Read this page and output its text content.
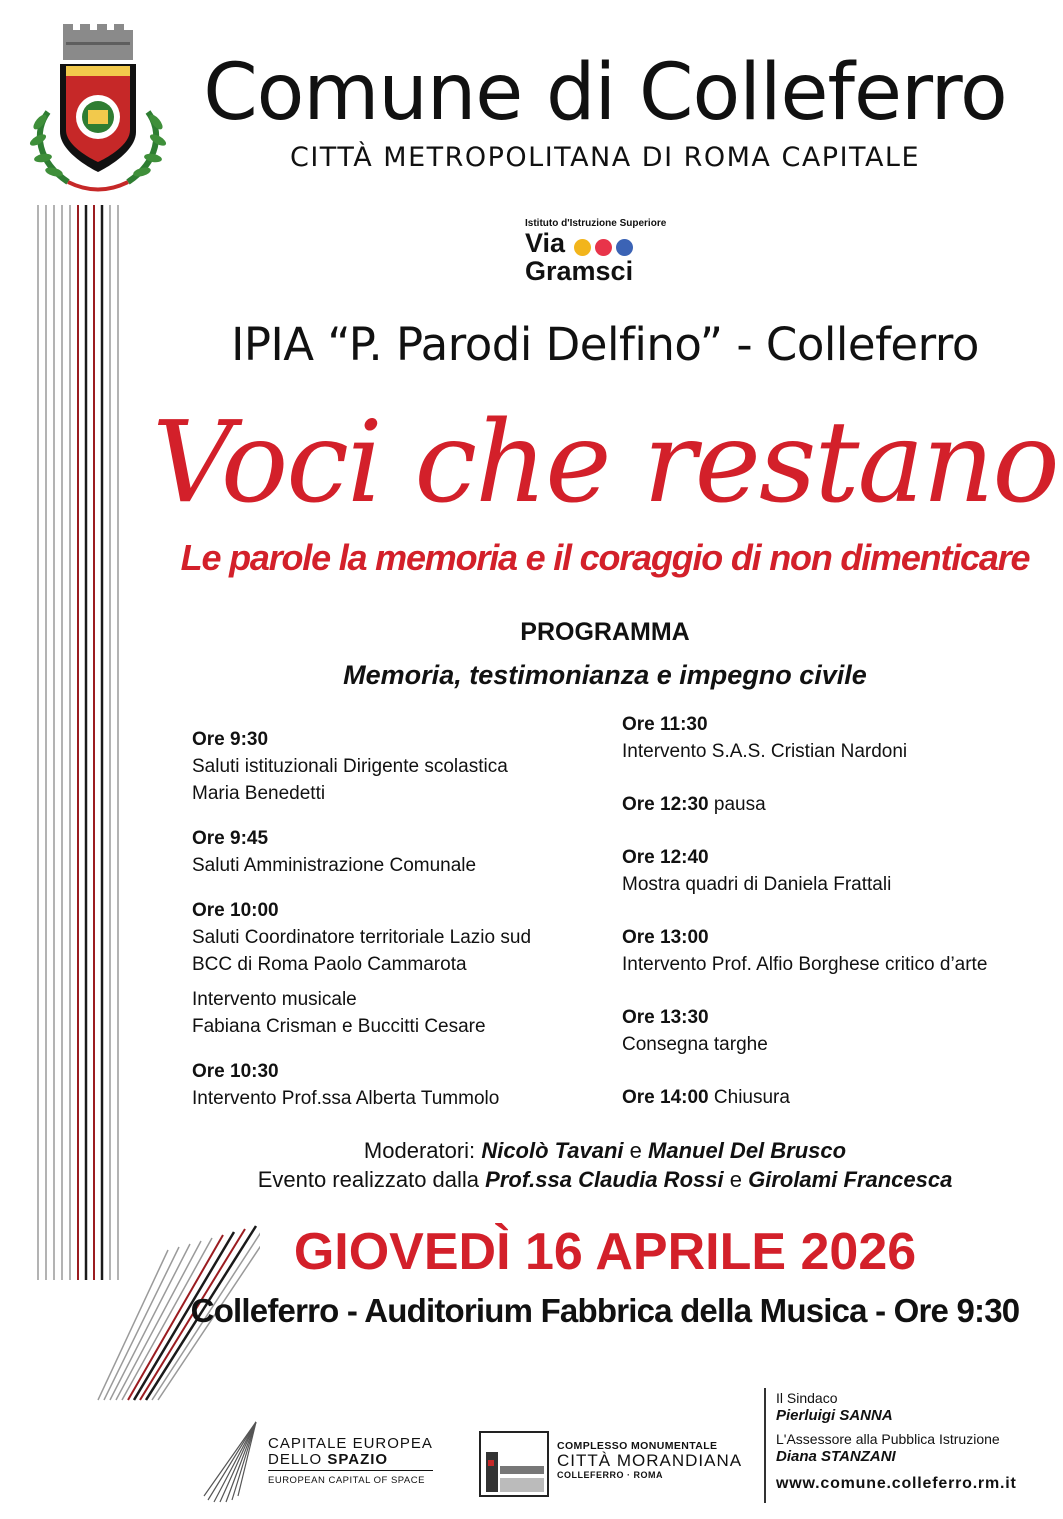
Comune di Colleferro
CITTÀ METROPOLITANA DI ROMA CAPITALE
Istituto d'Istruzione Superiore
Via
Gramsci
IPIA “P. Parodi Delfino” - Colleferro
Voci che restano
Le parole la memoria e il coraggio di non dimenticare
PROGRAMMA
Memoria, testimonianza e impegno civile
Ore 9:30
Saluti istituzionali Dirigente scolastica
Maria Benedetti
Ore 9:45
Saluti Amministrazione Comunale
Ore 10:00
Saluti Coordinatore territoriale Lazio sud
BCC di Roma Paolo Cammarota
Intervento musicale
Fabiana Crisman e Buccitti Cesare
Ore 10:30
Intervento Prof.ssa Alberta Tummolo
Ore 11:30
Intervento S.A.S. Cristian Nardoni
Ore 12:30 pausa
Ore 12:40
Mostra quadri di Daniela Frattali
Ore 13:00
Intervento Prof. Alfio Borghese critico d’arte
Ore 13:30
Consegna targhe
Ore 14:00 Chiusura
Moderatori: Nicolò Tavani e Manuel Del Brusco
Evento realizzato dalla Prof.ssa Claudia Rossi e Girolami Francesca
GIOVEDÌ 16 APRILE 2026
Colleferro - Auditorium Fabbrica della Musica - Ore 9:30
CAPITALE EUROPEA
DELLO SPAZIO
EUROPEAN CAPITAL OF SPACE
COMPLESSO MONUMENTALE
CITTÀ MORANDIANA
COLLEFERRO · ROMA
Il Sindaco
Pierluigi SANNA
L'Assessore alla Pubblica Istruzione
Diana STANZANI
www.comune.colleferro.rm.it
